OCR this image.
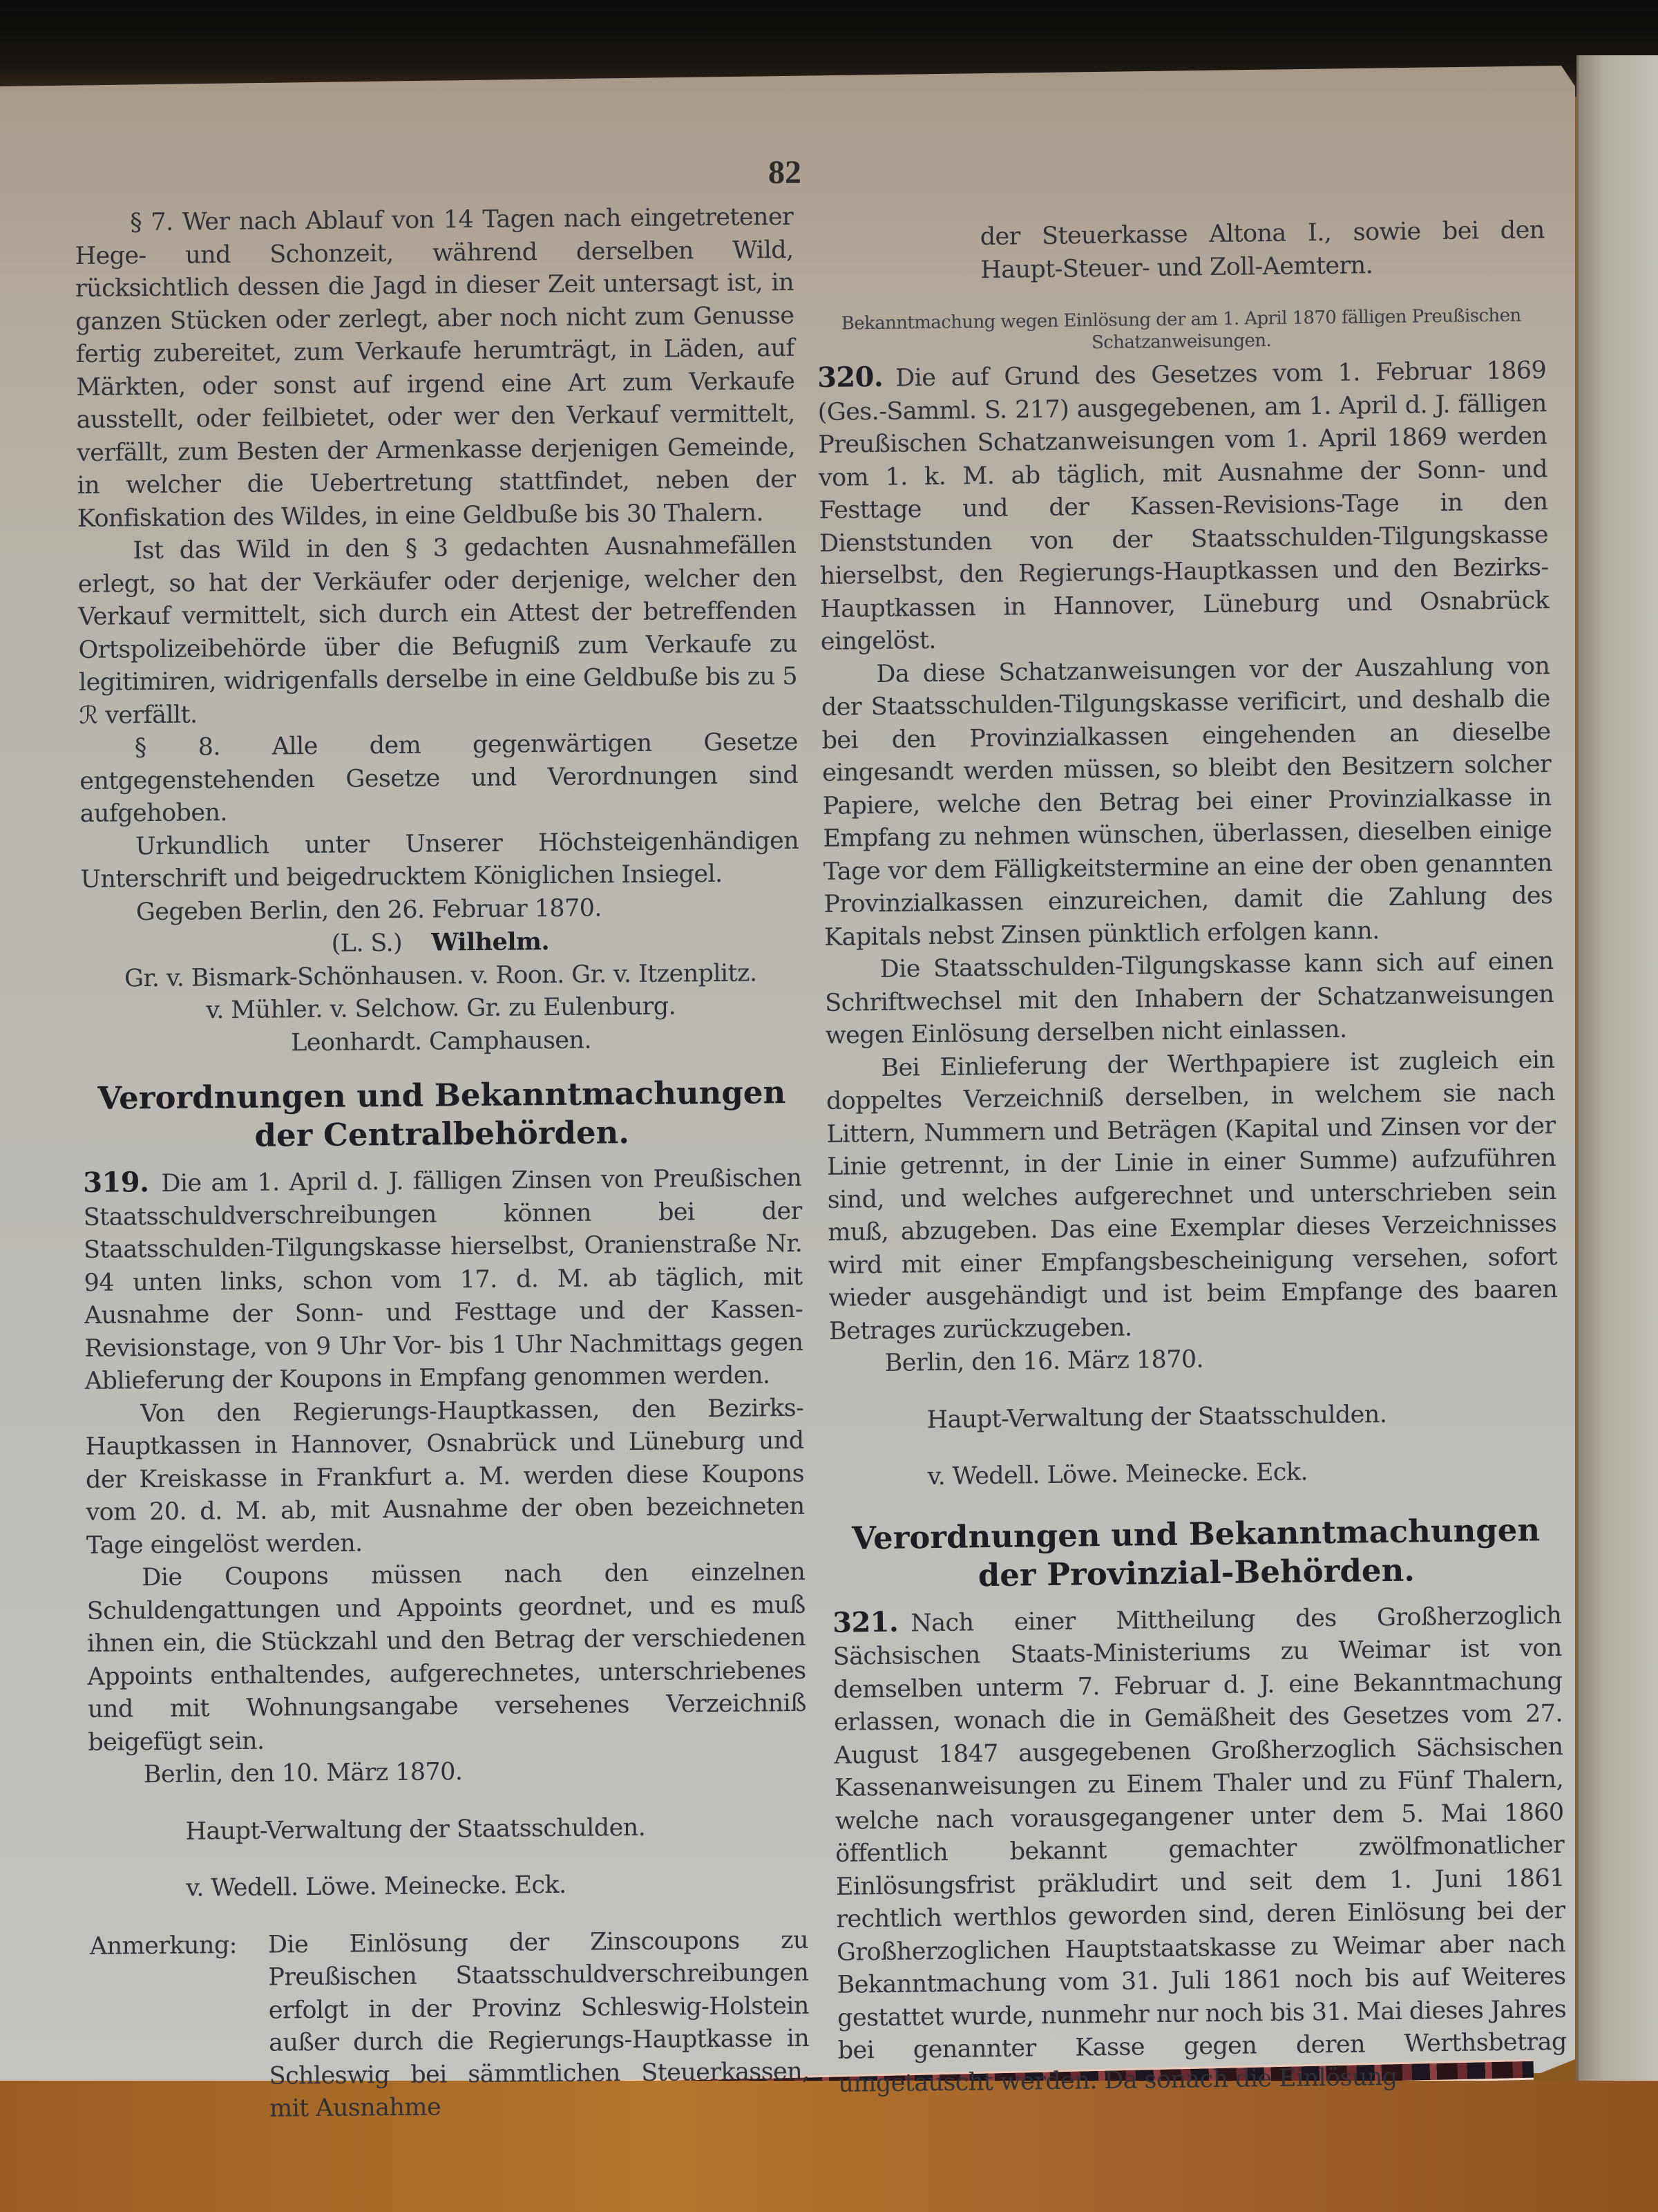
82

§ 7. Wer nach Ablauf von 14 Tagen nach eingetretener Hege- und Schonzeit, während derselben Wild, rücksichtlich dessen die Jagd in dieser Zeit untersagt ist, in ganzen Stücken oder zerlegt, aber noch nicht zum Genusse fertig zubereitet, zum Verkaufe herumträgt, in Läden, auf Märkten, oder sonst auf irgend eine Art zum Verkaufe ausstellt, oder feilbietet, oder wer den Verkauf vermittelt, verfällt, zum Besten der Armenkasse derjenigen Gemeinde, in welcher die Uebertretung stattfindet, neben der Konfiskation des Wildes, in eine Geldbuße bis 30 Thalern.

Ist das Wild in den § 3 gedachten Ausnahmefällen erlegt, so hat der Verkäufer oder derjenige, welcher den Verkauf vermittelt, sich durch ein Attest der betreffenden Ortspolizeibehörde über die Befugniß zum Verkaufe zu legitimiren, widrigenfalls derselbe in eine Geldbuße bis zu 5 ℛ verfällt.

§ 8. Alle dem gegenwärtigen Gesetze entgegenstehenden Gesetze und Verordnungen sind aufgehoben.

Urkundlich unter Unserer Höchsteigenhändigen Unterschrift und beigedrucktem Königlichen Insiegel.

Gegeben Berlin, den 26. Februar 1870.

(L. S.) Wilhelm.

Gr. v. Bismark-Schönhausen. v. Roon. Gr. v. Itzenplitz.

v. Mühler. v. Selchow. Gr. zu Eulenburg.

Leonhardt. Camphausen.

Verordnungen und Bekanntmachungen
der Centralbehörden.

319. Die am 1. April d. J. fälligen Zinsen von Preußischen Staatsschuldverschreibungen können bei der Staatsschulden-Tilgungskasse hierselbst, Oranienstraße Nr. 94 unten links, schon vom 17. d. M. ab täglich, mit Ausnahme der Sonn- und Festtage und der Kassen-Revisionstage, von 9 Uhr Vor- bis 1 Uhr Nachmittags gegen Ablieferung der Koupons in Empfang genommen werden.

Von den Regierungs-Hauptkassen, den Bezirks-Hauptkassen in Hannover, Osnabrück und Lüneburg und der Kreiskasse in Frankfurt a. M. werden diese Koupons vom 20. d. M. ab, mit Ausnahme der oben bezeichneten Tage eingelöst werden.

Die Coupons müssen nach den einzelnen Schuldengattungen und Appoints geordnet, und es muß ihnen ein, die Stückzahl und den Betrag der verschiedenen Appoints enthaltendes, aufgerechnetes, unterschriebenes und mit Wohnungsangabe versehenes Verzeichniß beigefügt sein.

Berlin, den 10. März 1870.

Haupt-Verwaltung der Staatsschulden.

v. Wedell. Löwe. Meinecke. Eck.

Anmerkung:	Die Einlösung der Zinscoupons zu Preußischen Staatsschuldverschreibungen erfolgt in der Provinz Schleswig-Holstein außer durch die Regierungs-Hauptkasse in Schleswig bei sämmtlichen Steuerkassen, mit Ausnahme

der Steuerkasse Altona I., sowie bei den Haupt-Steuer- und Zoll-Aemtern.

Bekanntmachung wegen Einlösung der am 1. April 1870 fälligen Preußischen Schatzanweisungen.

320. Die auf Grund des Gesetzes vom 1. Februar 1869 (Ges.-Samml. S. 217) ausgegebenen, am 1. April d. J. fälligen Preußischen Schatzanweisungen vom 1. April 1869 werden vom 1. k. M. ab täglich, mit Ausnahme der Sonn- und Festtage und der Kassen-Revisions-Tage in den Dienststunden von der Staatsschulden-Tilgungskasse hierselbst, den Regierungs-Hauptkassen und den Bezirks-Hauptkassen in Hannover, Lüneburg und Osnabrück eingelöst.

Da diese Schatzanweisungen vor der Auszahlung von der Staatsschulden-Tilgungskasse verificirt, und deshalb die bei den Provinzialkassen eingehenden an dieselbe eingesandt werden müssen, so bleibt den Besitzern solcher Papiere, welche den Betrag bei einer Provinzialkasse in Empfang zu nehmen wünschen, überlassen, dieselben einige Tage vor dem Fälligkeitstermine an eine der oben genannten Provinzialkassen einzureichen, damit die Zahlung des Kapitals nebst Zinsen pünktlich erfolgen kann.

Die Staatsschulden-Tilgungskasse kann sich auf einen Schriftwechsel mit den Inhabern der Schatzanweisungen wegen Einlösung derselben nicht einlassen.

Bei Einlieferung der Werthpapiere ist zugleich ein doppeltes Verzeichniß derselben, in welchem sie nach Littern, Nummern und Beträgen (Kapital und Zinsen vor der Linie getrennt, in der Linie in einer Summe) aufzuführen sind, und welches aufgerechnet und unterschrieben sein muß, abzugeben. Das eine Exemplar dieses Verzeichnisses wird mit einer Empfangsbescheinigung versehen, sofort wieder ausgehändigt und ist beim Empfange des baaren Betrages zurückzugeben.

Berlin, den 16. März 1870.

Haupt-Verwaltung der Staatsschulden.

v. Wedell. Löwe. Meinecke. Eck.

Verordnungen und Bekanntmachungen
der Provinzial-Behörden.

321. Nach einer Mittheilung des Großherzoglich Sächsischen Staats-Ministeriums zu Weimar ist von demselben unterm 7. Februar d. J. eine Bekanntmachung erlassen, wonach die in Gemäßheit des Gesetzes vom 27. August 1847 ausgegebenen Großherzoglich Sächsischen Kassenanweisungen zu Einem Thaler und zu Fünf Thalern, welche nach vorausgegangener unter dem 5. Mai 1860 öffentlich bekannt gemachter zwölfmonatlicher Einlösungsfrist präkludirt und seit dem 1. Juni 1861 rechtlich werthlos geworden sind, deren Einlösung bei der Großherzoglichen Hauptstaatskasse zu Weimar aber nach Bekanntmachung vom 31. Juli 1861 noch bis auf Weiteres gestattet wurde, nunmehr nur noch bis 31. Mai dieses Jahres bei genannter Kasse gegen deren Werthsbetrag umgetauscht werden. Da sonach die Einlösung
